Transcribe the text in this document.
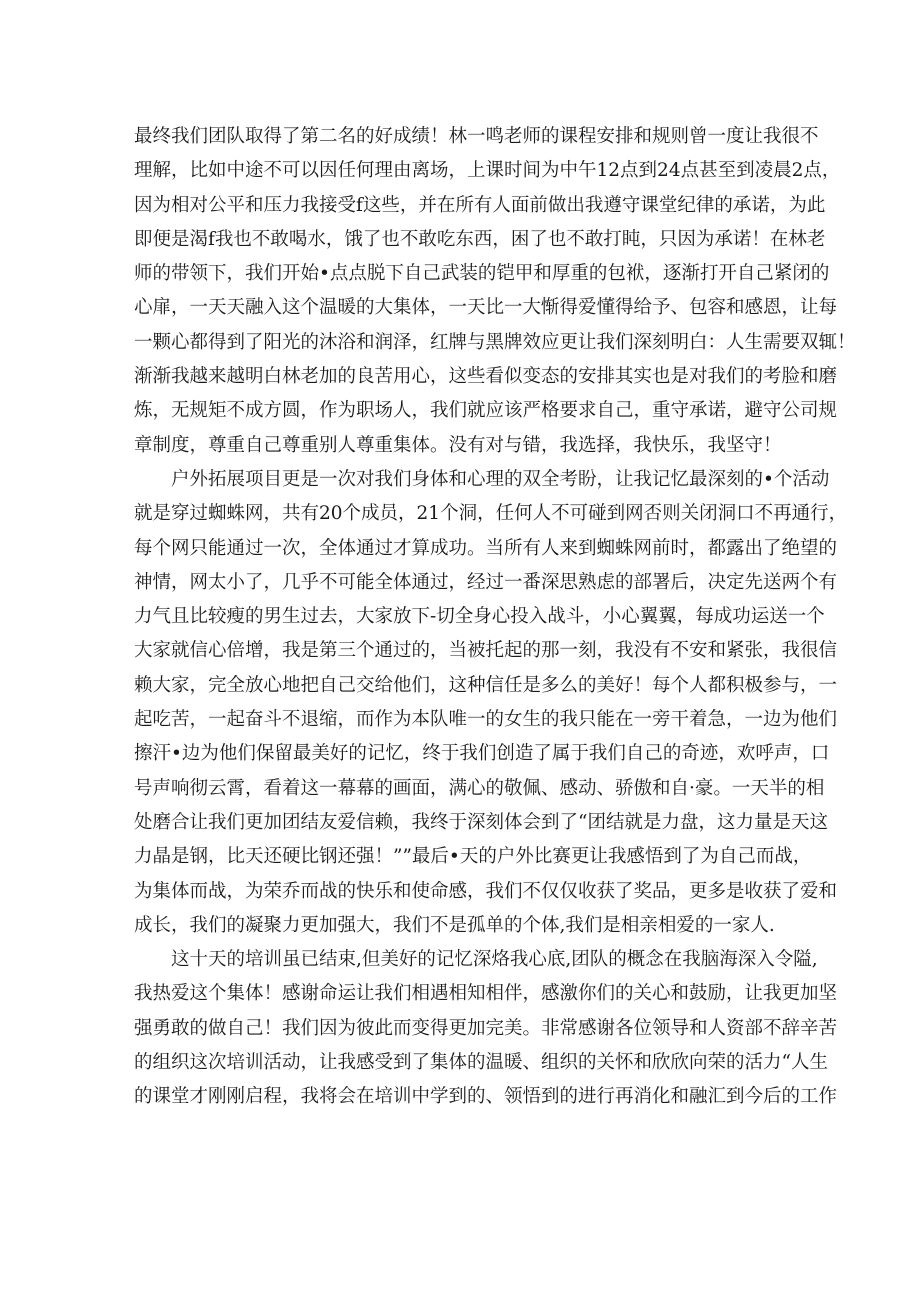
最终我们团队取得了第二名的好成绩！林一鸣老师的课程安排和规则曾一度让我很不
理解，比如中途不可以因任何理由离场，上课时间为中午12点到24点甚至到凌晨2点，
因为相对公平和压力我接受f这些，并在所有人面前做出我遵守课堂纪律的承诺，为此
即便是渴f我也不敢喝水，饿了也不敢吃东西，困了也不敢打盹，只因为承诺！在林老
师的带领下，我们开始•点点脱下自己武装的铠甲和厚重的包袱，逐渐打开自己紧闭的
心扉，一天天融入这个温暖的大集体，一天比一大惭得爱懂得给予、包容和感恩，让每
一颗心都得到了阳光的沐浴和润泽，红牌与黑牌效应更让我们深刻明白：人生需要双辄！
渐渐我越来越明白林老加的良苦用心，这些看似变态的安排其实也是对我们的考脸和磨
炼，无规矩不成方圆，作为职场人，我们就应该严格要求自己，重守承诺，避守公司规
章制度，尊重自己尊重别人尊重集体。没有对与错，我选择，我快乐，我坚守！
户外拓展项目更是一次对我们身体和心理的双全考盼，让我记忆最深刻的•个活动
就是穿过蜘蛛网，共有20个成员，21个洞，任何人不可碰到网否则关闭洞口不再通行，
每个网只能通过一次，全体通过才算成功。当所有人来到蜘蛛网前时，都露出了绝望的
神情，网太小了，几乎不可能全体通过，经过一番深思熟虑的部署后，决定先送两个有
力气且比较瘦的男生过去，大家放下-切全身心投入战斗，小心翼翼，每成功运送一个
大家就信心倍增，我是第三个通过的，当被托起的那一刻，我没有不安和紧张，我很信
赖大家，完全放心地把自己交给他们，这种信任是多么的美好！每个人都积极参与，一
起吃苦，一起奋斗不退缩，而作为本队唯一的女生的我只能在一旁干着急，一边为他们
擦汗•边为他们保留最美好的记忆，终于我们创造了属于我们自己的奇迹，欢呼声，口
号声响彻云霄，看着这一幕幕的画面，满心的敬佩、感动、骄傲和自·豪。一天半的相
处磨合让我们更加团结友爱信赖，我终于深刻体会到了“团结就是力盘，这力量是天这
力晶是钢，比天还硬比钢还强！””最后•天的户外比赛更让我感悟到了为自己而战，
为集体而战，为荣乔而战的快乐和使命感，我们不仅仅收获了奖品，更多是收获了爱和
成长，我们的凝聚力更加强大，我们不是孤单的个体,我们是相亲相爱的一家人.
这十天的培训虽已结束,但美好的记忆深烙我心底,团队的概念在我脑海深入令隘,
我热爱这个集体！感谢命运让我们相遇相知相伴，感激你们的关心和鼓励，让我更加坚
强勇敢的做自己！我们因为彼此而变得更加完美。非常感谢各位领导和人资部不辞辛苦
的组织这次培训活动，让我感受到了集体的温暖、组织的关怀和欣欣向荣的活力“人生
的课堂才刚刚启程，我将会在培训中学到的、领悟到的进行再消化和融汇到今后的工作
